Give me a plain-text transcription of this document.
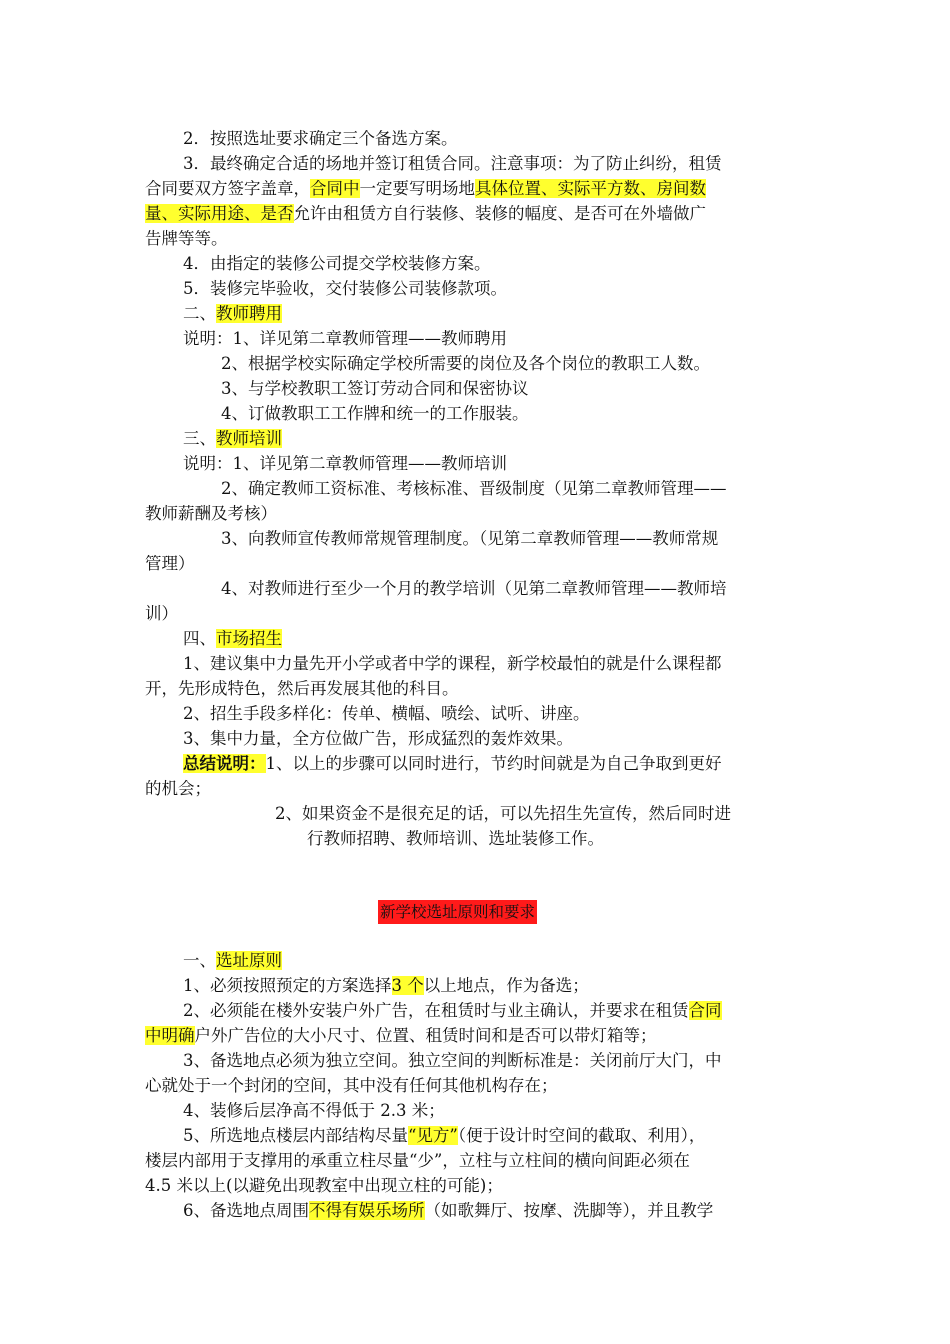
2．按照选址要求确定三个备选方案。
3．最终确定合适的场地并签订租赁合同。注意事项：为了防止纠纷，租赁
合同要双方签字盖章，合同中一定要写明场地具体位置、实际平方数、房间数
量、实际用途、是否允许由租赁方自行装修、装修的幅度、是否可在外墙做广
告牌等等。
4．由指定的装修公司提交学校装修方案。
5．装修完毕验收，交付装修公司装修款项。
二、教师聘用
说明：1、详见第二章教师管理——教师聘用
2、根据学校实际确定学校所需要的岗位及各个岗位的教职工人数。
3、与学校教职工签订劳动合同和保密协议
4、订做教职工工作牌和统一的工作服装。
三、教师培训
说明：1、详见第二章教师管理——教师培训
2、确定教师工资标准、考核标准、晋级制度（见第二章教师管理——
教师薪酬及考核）
3、向教师宣传教师常规管理制度。（见第二章教师管理——教师常规
管理）
4、对教师进行至少一个月的教学培训（见第二章教师管理——教师培
训）
四、市场招生
1、建议集中力量先开小学或者中学的课程，新学校最怕的就是什么课程都
开，先形成特色，然后再发展其他的科目。
2、招生手段多样化：传单、横幅、喷绘、试听、讲座。
3、集中力量，全方位做广告，形成猛烈的轰炸效果。
总结说明：1、以上的步骤可以同时进行，节约时间就是为自己争取到更好
的机会；
2、如果资金不是很充足的话，可以先招生先宣传，然后同时进
行教师招聘、教师培训、选址装修工作。
新学校选址原则和要求
一、选址原则
1、必须按照预定的方案选择3 个以上地点，作为备选；
2、必须能在楼外安装户外广告，在租赁时与业主确认，并要求在租赁合同
中明确户外广告位的大小尺寸、位置、租赁时间和是否可以带灯箱等；
3、备选地点必须为独立空间。独立空间的判断标准是：关闭前厅大门，中
心就处于一个封闭的空间，其中没有任何其他机构存在；
4、装修后层净高不得低于 2.3 米；
5、所选地点楼层内部结构尽量“见方”（便于设计时空间的截取、利用），
楼层内部用于支撑用的承重立柱尽量“少”，立柱与立柱间的横向间距必须在
4.5 米以上(以避免出现教室中出现立柱的可能)；
6、备选地点周围不得有娱乐场所（如歌舞厅、按摩、洗脚等），并且教学
